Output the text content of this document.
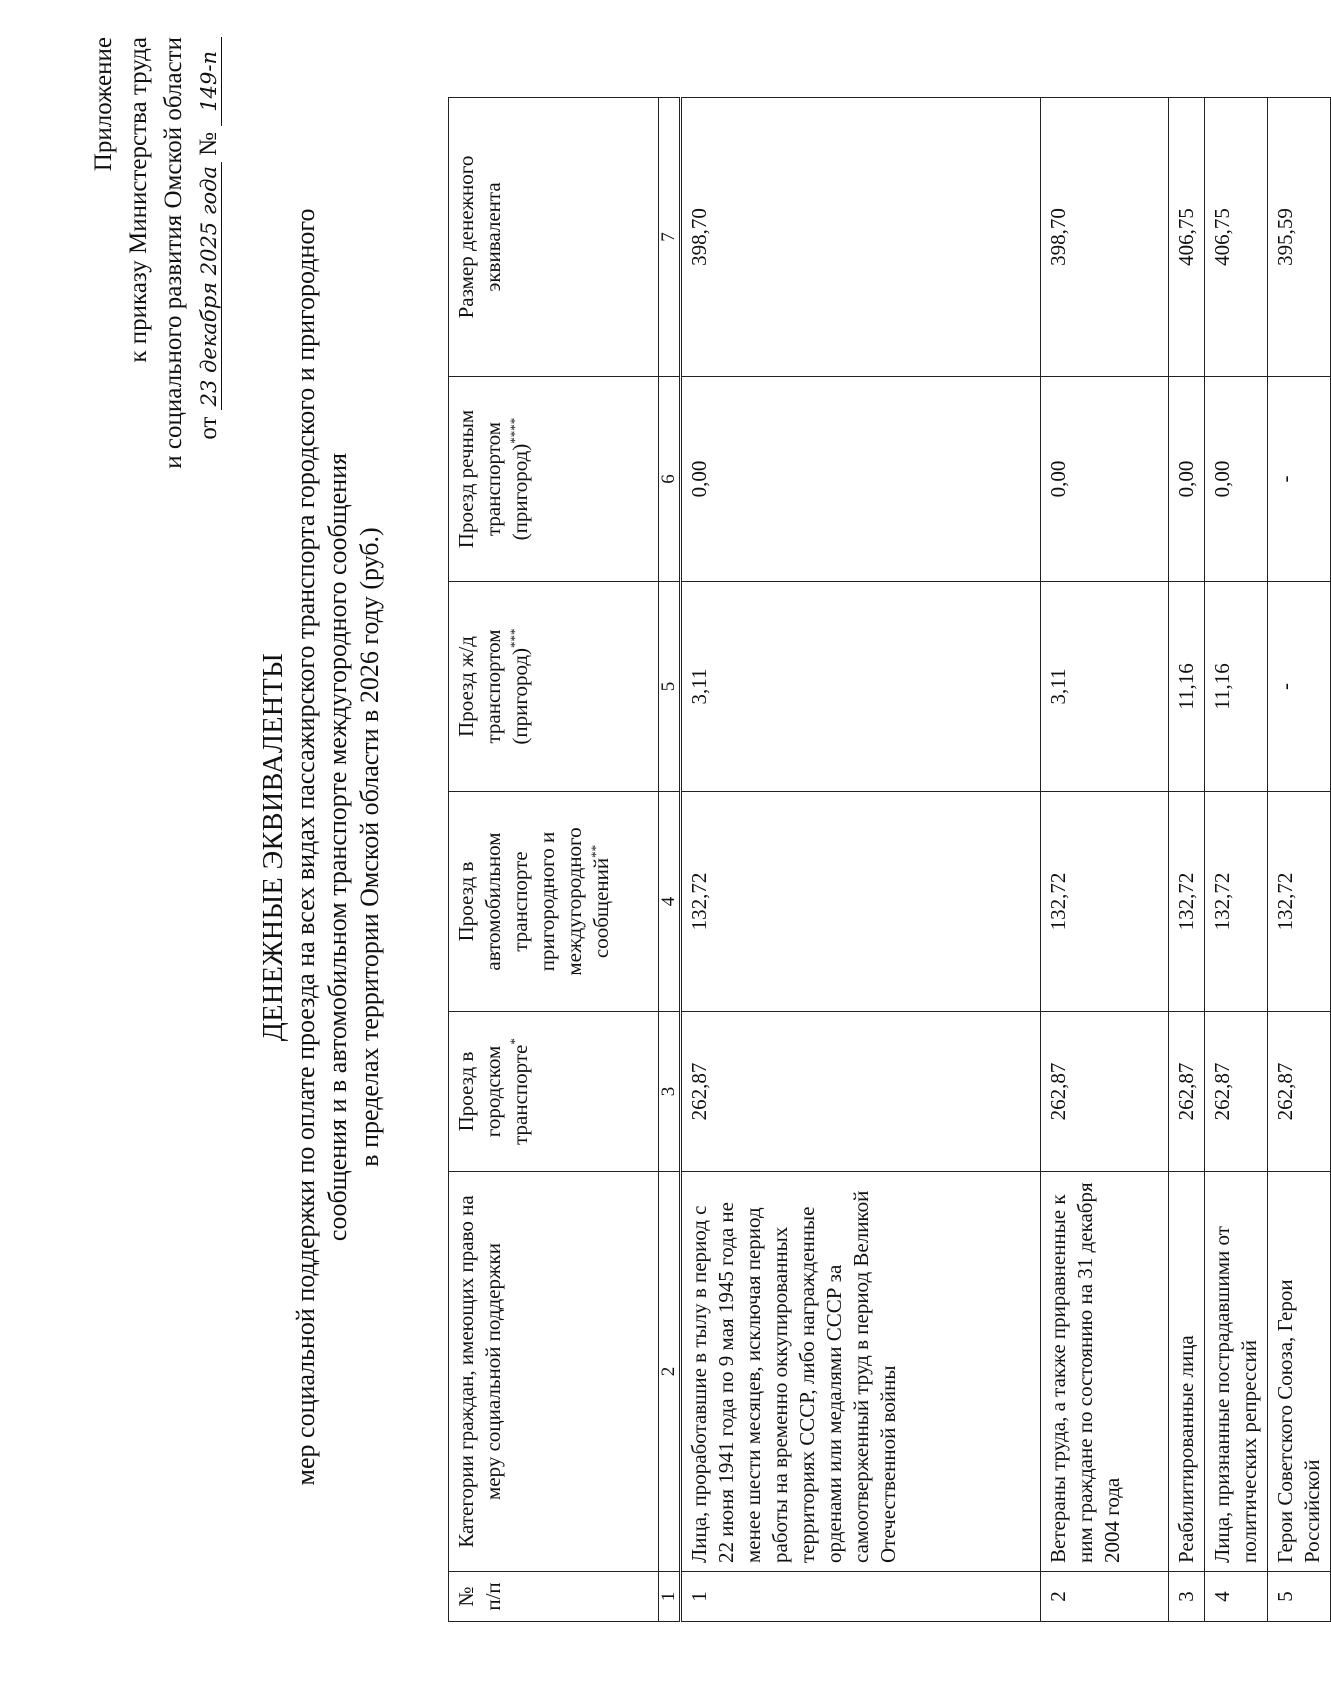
Приложение к приказу Министерства труда и социального развития Омской области от 23 декабря 2025 года № 149-п
ДЕНЕЖНЫЕ ЭКВИВАЛЕНТЫ мер социальной поддержки по оплате проезда на всех видах пассажирского транспорта городского и пригородного сообщения и в автомобильном транспорте междугородного сообщения в пределах территории Омской области в 2026 году (руб.)
№ п/п	Категории граждан, имеющих право на меру социальной поддержки	Проезд в городском транспорте*	Проезд в автомобильном транспорте пригородного и междугородного сообщений**	Проезд ж/д транспортом (пригород)***	Проезд речным транспортом (пригород)****	Размер денежного эквивалента
1	2	3	4	5	6	7
1	Лица, проработавшие в тылу в период с 22 июня 1941 года по 9 мая 1945 года не менее шести месяцев, исключая период работы на временно оккупированных территориях СССР, либо награжденные орденами или медалями СССР за самоотверженный труд в период Великой Отечественной войны	262,87	132,72	3,11	0,00	398,70
2	Ветераны труда, а также приравненные к ним граждане по состоянию на 31 декабря 2004 года	262,87	132,72	3,11	0,00	398,70
3	Реабилитированные лица	262,87	132,72	11,16	0,00	406,75
4	Лица, признанные пострадавшими от политических репрессий	262,87	132,72	11,16	0,00	406,75
5	Герои Советского Союза, Герои Российской	262,87	132,72	-	-	395,59
